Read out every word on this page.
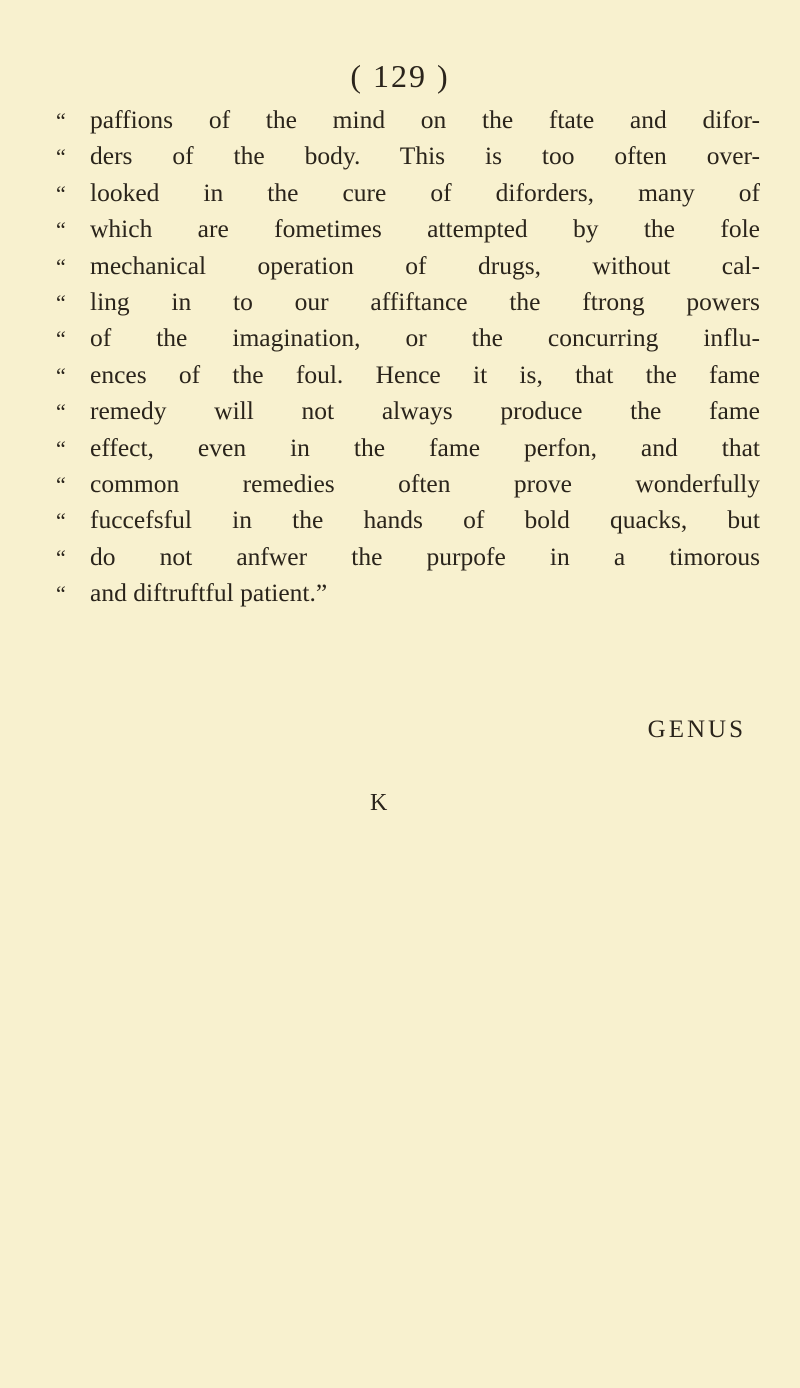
( 129 )
“ paffions of the mind on the ftate and difor-
“ ders of the body. This is too often over-
“ looked in the cure of diforders, many of
“ which are fometimes attempted by the fole
“ mechanical operation of drugs, without cal-
“ ling in to our affiftance the ftrong powers
“ of the imagination, or the concurring influ-
“ ences of the foul. Hence it is, that the fame
“ remedy will not always produce the fame
“ effect, even in the fame perfon, and that
“ common remedies often prove wonderfully
“ fuccefsful in the hands of bold quacks, but
“ do not anfwer the purpofe in a timorous
“ and diftruftful patient.”
GENUS
K
